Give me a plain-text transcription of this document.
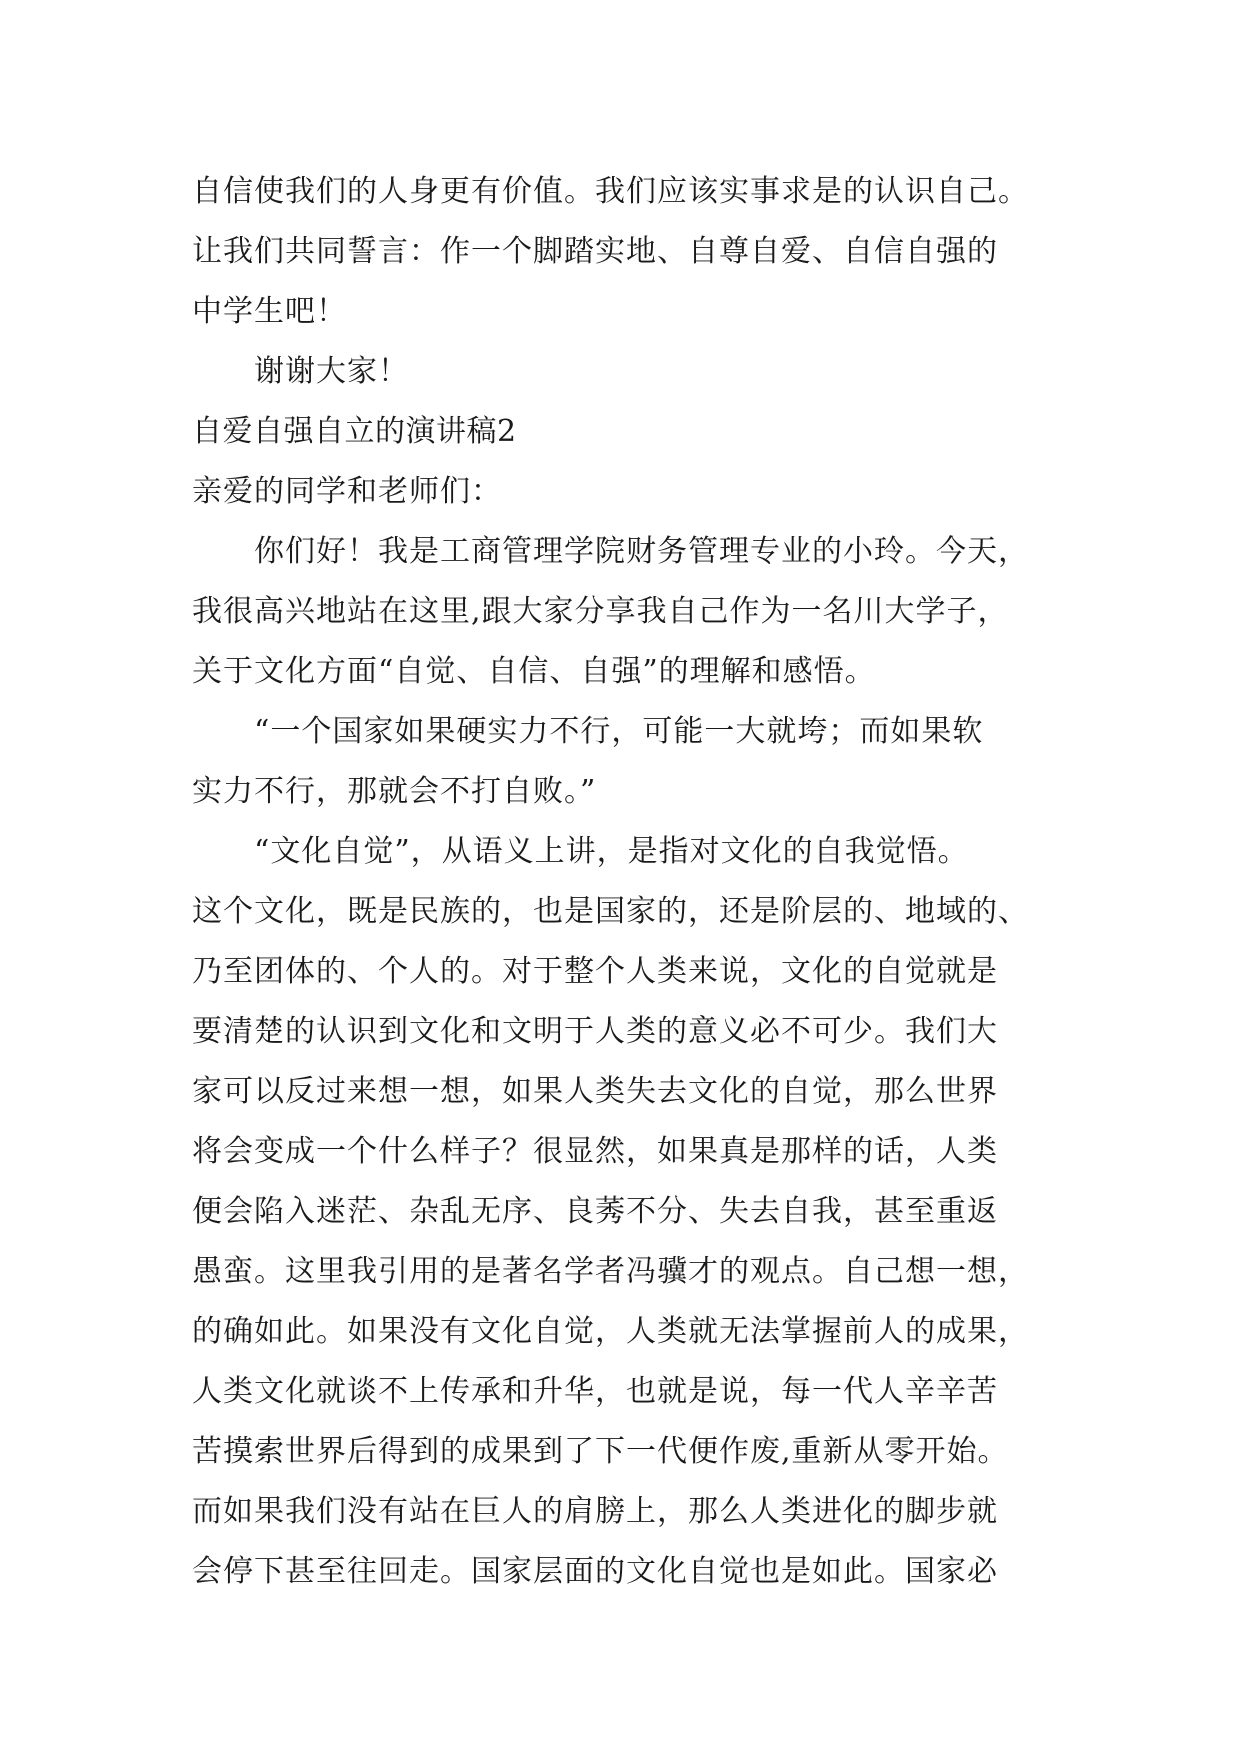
自信使我们的人身更有价值。我们应该实事求是的认识自己。
让我们共同誓言：作一个脚踏实地、自尊自爱、自信自强的
中学生吧！
谢谢大家！
自爱自强自立的演讲稿2
亲爱的同学和老师们：
你们好！我是工商管理学院财务管理专业的小玲。今天，
我很高兴地站在这里,跟大家分享我自己作为一名川大学子，
关于文化方面“自觉、自信、自强”的理解和感悟。
“一个国家如果硬实力不行，可能一大就垮；而如果软
实力不行，那就会不打自败。”
“文化自觉”，从语义上讲，是指对文化的自我觉悟。
这个文化，既是民族的，也是国家的，还是阶层的、地域的、
乃至团体的、个人的。对于整个人类来说，文化的自觉就是
要清楚的认识到文化和文明于人类的意义必不可少。我们大
家可以反过来想一想，如果人类失去文化的自觉，那么世界
将会变成一个什么样子？很显然，如果真是那样的话，人类
便会陷入迷茫、杂乱无序、良莠不分、失去自我，甚至重返
愚蛮。这里我引用的是著名学者冯骥才的观点。自己想一想，
的确如此。如果没有文化自觉，人类就无法掌握前人的成果，
人类文化就谈不上传承和升华，也就是说，每一代人辛辛苦
苦摸索世界后得到的成果到了下一代便作废,重新从零开始。
而如果我们没有站在巨人的肩膀上，那么人类进化的脚步就
会停下甚至往回走。国家层面的文化自觉也是如此。国家必
